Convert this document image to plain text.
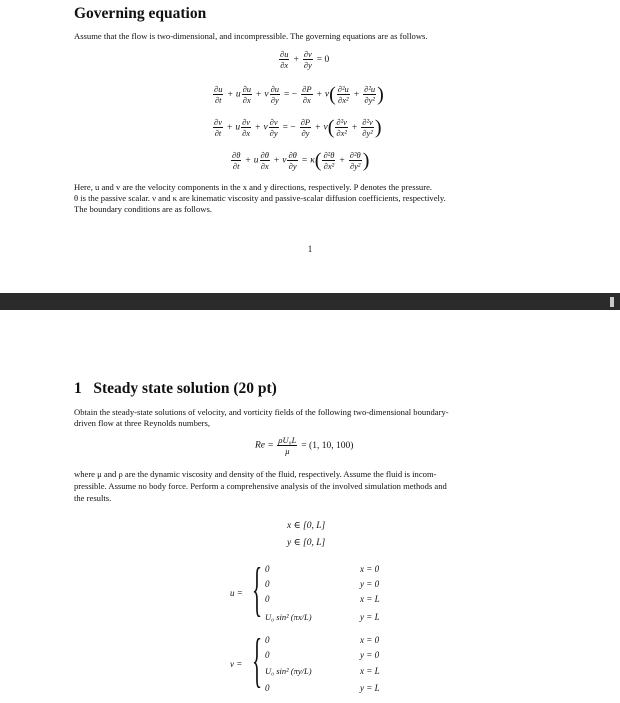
Governing equation
Assume that the flow is two-dimensional, and incompressible. The governing equations are as follows.
$\frac{\partial u}{\partial x} + \frac{\partial v}{\partial y} = 0$
$\frac{\partial u}{\partial t} + u \frac{\partial u}{\partial x} + v \frac{\partial u}{\partial y}$ = − $\frac{\partial P}{\partial x} + \nu( \frac{\text{∂²u}}{\text{∂x²}} + \frac{\text{∂²u}}{\text{∂y²}}$ )
$\frac{\partial v}{\partial t} + u \frac{\partial v}{\partial x} + v \frac{\partial v}{\partial y}$ = − $\frac{\partial P}{\partial y} + \nu( \frac{\text{∂²v}}{\text{∂x²}} + \frac{\text{∂²v}}{\text{∂y²}}$ )
$\frac{\partial\theta}{\partial t} + u \frac{\partial\theta}{\partial x} + v \frac{\partial\theta}{\partial y} = \kappa( \frac{\text{∂²θ}}{\text{∂x²}} + \frac{\text{∂²θ}}{\text{∂y²}}$ )
Here, u and v are the velocity components in the x and y directions, respectively. P denotes the pressure.
θ is the passive scalar. ν and κ are kinematic viscosity and passive-scalar diffusion coefficients, respectively.
The boundary conditions are as follows.
1
1 Steady state solution (20 pt)
Obtain the steady-state solutions of velocity, and vorticity fields of the following two-dimensional boundary-
driven flow at three Reynolds numbers,
$Re = \frac{\text{ρU₀L}}{\mu} = (1$, 10, 100)
where μ and ρ are the dynamic viscosity and density of the fluid, respectively. Assume the fluid is incom-
pressible. Assume no body force. Perform a comprehensive analysis of the involved simulation methods and
the results.
x ∈ [0, L]
y ∈ [0, L]
u = { 0	x = 0
0	y = 0
0	x = L
U₀ sin² (πx/L)	y = L
v = { 0	x = 0
0	y = 0
U₀ sin² (πy/L)	x = L
0	y = L
